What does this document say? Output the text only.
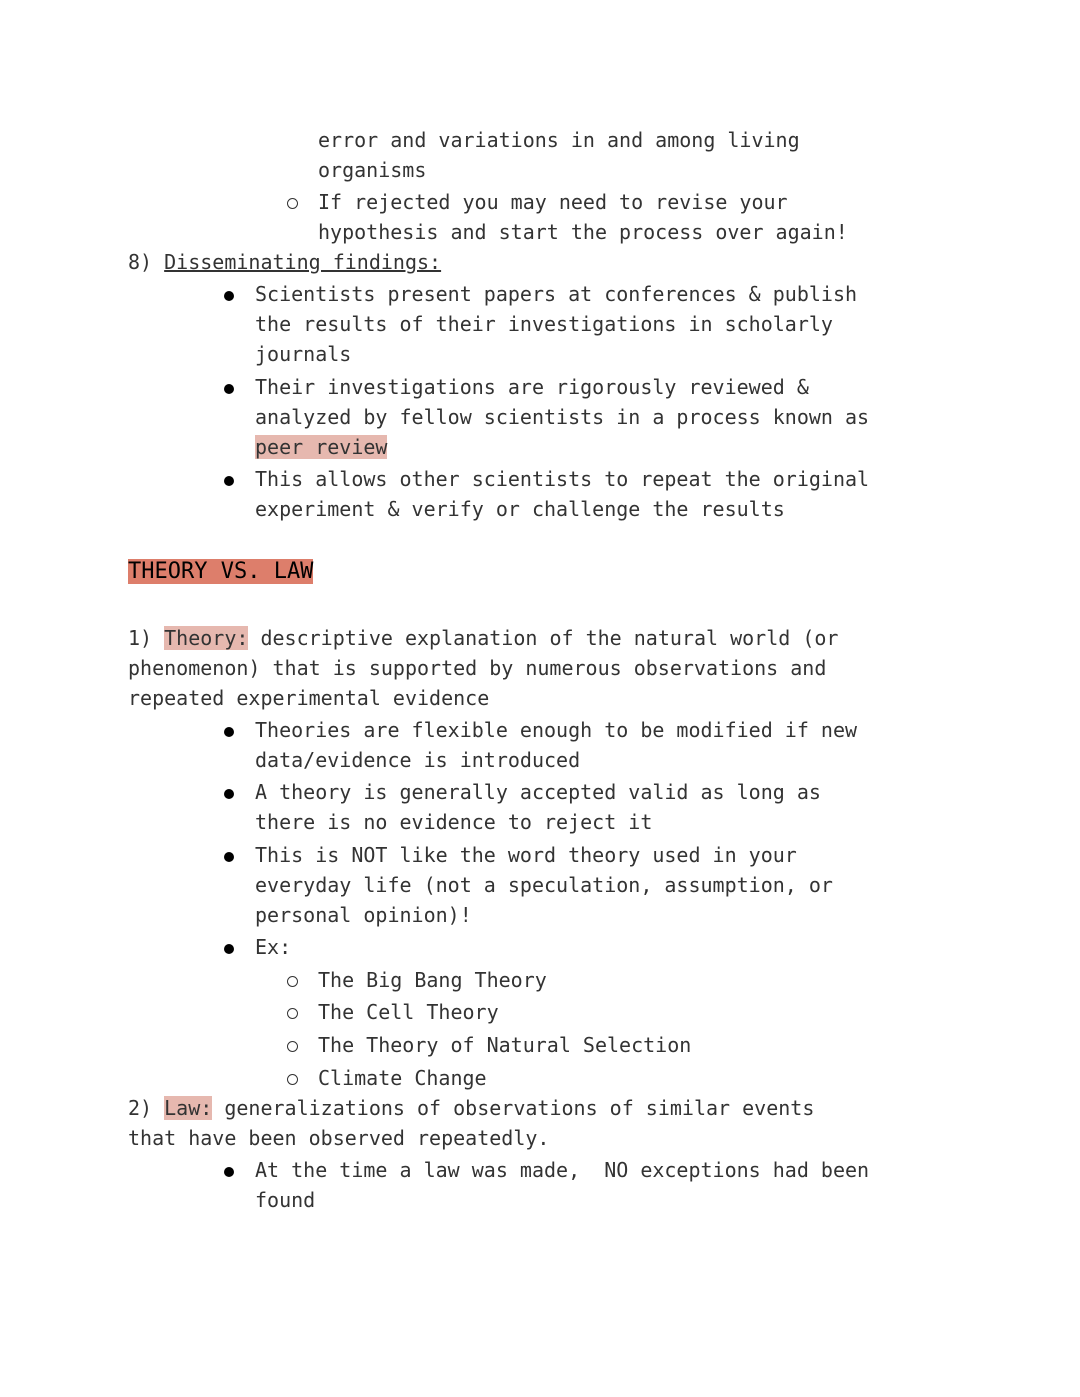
error and variations in and among living
organisms
If rejected you may need to revise your
hypothesis and start the process over again!
8) Disseminating findings:
Scientists present papers at conferences & publish
the results of their investigations in scholarly
journals
Their investigations are rigorously reviewed &
analyzed by fellow scientists in a process known as
peer review
This allows other scientists to repeat the original
experiment & verify or challenge the results
THEORY VS. LAW
1) Theory: descriptive explanation of the natural world (or
phenomenon) that is supported by numerous observations and
repeated experimental evidence
Theories are flexible enough to be modified if new
data/evidence is introduced
A theory is generally accepted valid as long as
there is no evidence to reject it
This is NOT like the word theory used in your
everyday life (not a speculation, assumption, or
personal opinion)!
Ex:
The Big Bang Theory
The Cell Theory
The Theory of Natural Selection
Climate Change
2) Law: generalizations of observations of similar events
that have been observed repeatedly.
At the time a law was made,  NO exceptions had been
found
